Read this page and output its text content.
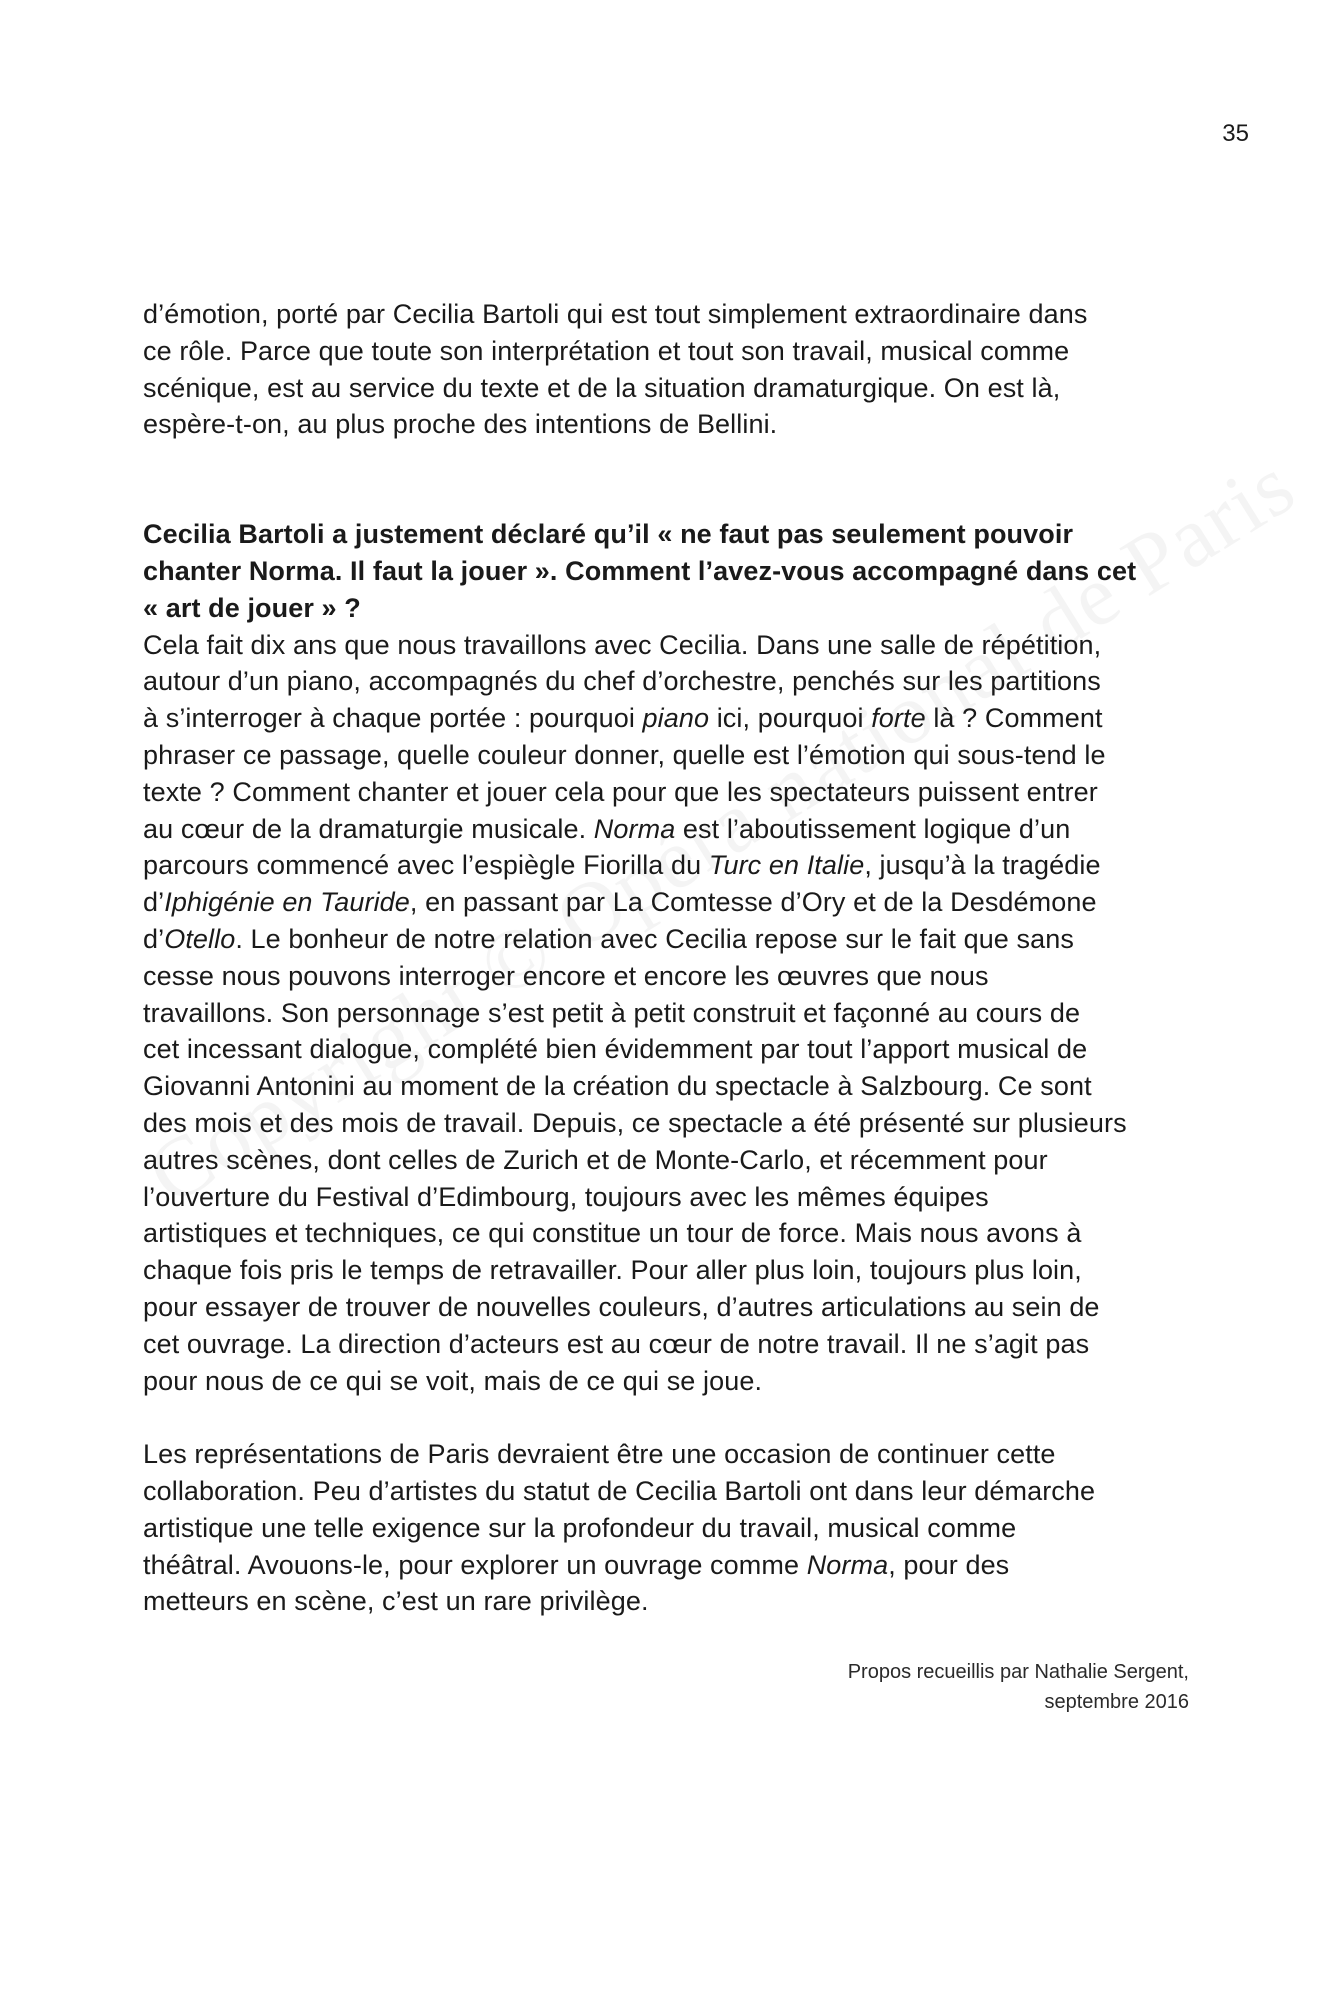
35

d’émotion, porté par Cecilia Bartoli qui est tout simplement extraordinaire dans
ce rôle. Parce que toute son interprétation et tout son travail, musical comme
scénique, est au service du texte et de la situation dramaturgique. On est là,
espère-t-on, au plus proche des intentions de Bellini.

Cecilia Bartoli a justement déclaré qu’il « ne faut pas seulement pouvoir
chanter Norma. Il faut la jouer ». Comment l’avez-vous accompagné dans cet
« art de jouer » ?

Cela fait dix ans que nous travaillons avec Cecilia. Dans une salle de répétition,
autour d’un piano, accompagnés du chef d’orchestre, penchés sur les partitions
à s’interroger à chaque portée : pourquoi piano ici, pourquoi forte là ? Comment
phraser ce passage, quelle couleur donner, quelle est l’émotion qui sous-tend le
texte ? Comment chanter et jouer cela pour que les spectateurs puissent entrer
au cœur de la dramaturgie musicale. Norma est l’aboutissement logique d’un
parcours commencé avec l’espiègle Fiorilla du Turc en Italie, jusqu’à la tragédie
d’Iphigénie en Tauride, en passant par La Comtesse d’Ory et de la Desdémone
d’Otello. Le bonheur de notre relation avec Cecilia repose sur le fait que sans
cesse nous pouvons interroger encore et encore les œuvres que nous
travaillons. Son personnage s’est petit à petit construit et façonné au cours de
cet incessant dialogue, complété bien évidemment par tout l’apport musical de
Giovanni Antonini au moment de la création du spectacle à Salzbourg. Ce sont
des mois et des mois de travail. Depuis, ce spectacle a été présenté sur plusieurs
autres scènes, dont celles de Zurich et de Monte-Carlo, et récemment pour
l’ouverture du Festival d’Edimbourg, toujours avec les mêmes équipes
artistiques et techniques, ce qui constitue un tour de force. Mais nous avons à
chaque fois pris le temps de retravailler. Pour aller plus loin, toujours plus loin,
pour essayer de trouver de nouvelles couleurs, d’autres articulations au sein de
cet ouvrage. La direction d’acteurs est au cœur de notre travail. Il ne s’agit pas
pour nous de ce qui se voit, mais de ce qui se joue.

Les représentations de Paris devraient être une occasion de continuer cette
collaboration. Peu d’artistes du statut de Cecilia Bartoli ont dans leur démarche
artistique une telle exigence sur la profondeur du travail, musical comme
théâtral. Avouons-le, pour explorer un ouvrage comme Norma, pour des
metteurs en scène, c’est un rare privilège.

Propos recueillis par Nathalie Sergent,
septembre 2016
